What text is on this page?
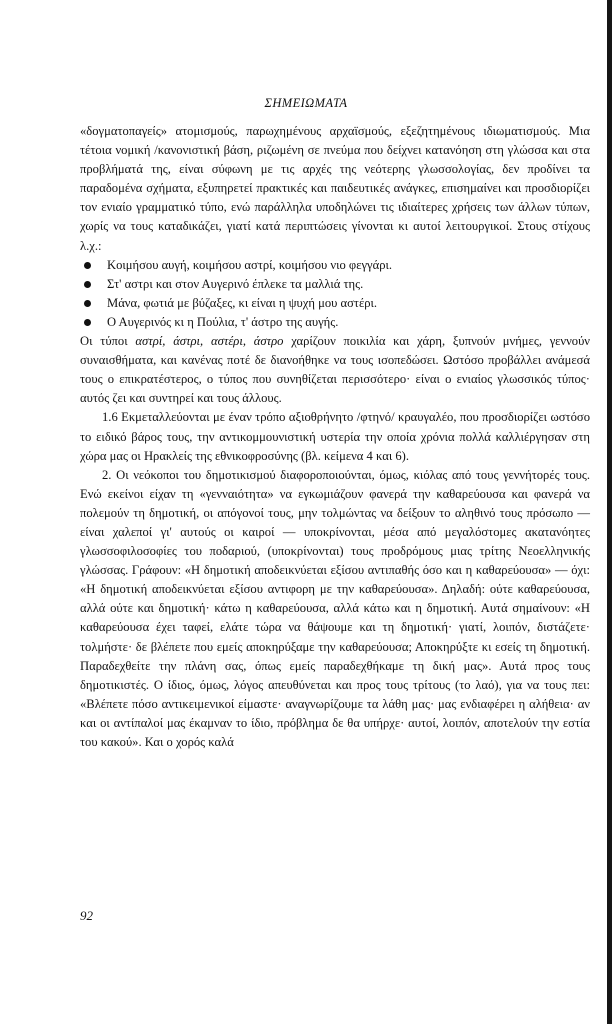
ΣΗΜΕΙΩΜΑΤΑ

«δογματοπαγείς» ατομισμούς, παρωχημένους αρχαϊσμούς, εξεζητημένους ιδιωματισμούς. Μια τέτοια νομική /κανονιστική βάση, ριζωμένη σε πνεύμα που δείχνει κατανόηση στη γλώσσα και στα προβλήματά της, είναι σύφωνη με τις αρχές της νεότερης γλωσσολογίας, δεν προδίνει τα παραδομένα σχήματα, εξυπηρετεί πρακτικές και παιδευτικές ανάγκες, επισημαίνει και προσδιορίζει τον ενιαίο γραμματικό τύπο, ενώ παράλληλα υποδηλώνει τις ιδιαίτερες χρήσεις των άλλων τύπων, χωρίς να τους καταδικάζει, γιατί κατά περιπτώσεις γίνονται κι αυτοί λειτουργικοί. Στους στίχους λ.χ.:

Κοιμήσου αυγή, κοιμήσου αστρί, κοιμήσου νιο φεγγάρι.
Στ' αστρι και στον Αυγερινό έπλεκε τα μαλλιά της.
Μάνα, φωτιά με βύζαξες, κι είναι η ψυχή μου αστέρι.
Ο Αυγερινός κι η Πούλια, τ' άστρο της αυγής.

Οι τύποι αστρί, άστρι, αστέρι, άστρο χαρίζουν ποικιλία και χάρη, ξυπνούν μνήμες, γεννούν συναισθήματα, και κανένας ποτέ δε διανοήθηκε να τους ισοπεδώσει. Ωστόσο προβάλλει ανάμεσά τους ο επικρατέστερος, ο τύπος που συνηθίζεται περισσότερο· είναι ο ενιαίος γλωσσικός τύπος· αυτός ζει και συντηρεί και τους άλλους.

1.6 Εκμεταλλεύονται με έναν τρόπο αξιοθρήνητο /φτηνό/ κραυγαλέο, που προσδιορίζει ωστόσο το ειδικό βάρος τους, την αντικομμουνιστική υστερία την οποία χρόνια πολλά καλλιέργησαν στη χώρα μας οι Ηρακλείς της εθνικοφροσύνης (βλ. κείμενα 4 και 6).

2. Οι νεόκοποι του δημοτικισμού διαφοροποιούνται, όμως, κιόλας από τους γεννήτορές τους. Ενώ εκείνοι είχαν τη «γενναιότητα» να εγκωμιάζουν φανερά την καθαρεύουσα και φανερά να πολεμούν τη δημοτική, οι απόγονοί τους, μην τολμώντας να δείξουν το αληθινό τους πρόσωπο — είναι χαλεποί γι' αυτούς οι καιροί — υποκρίνονται, μέσα από μεγαλόστομες ακατανόητες γλωσσοφιλοσοφίες του ποδαριού, (υποκρίνονται) τους προδρόμους μιας τρίτης Νεοελληνικής γλώσσας. Γράφουν: «Η δημοτική αποδεικνύεται εξίσου αντιπαθής όσο και η καθαρεύουσα» — όχι: «Η δημοτική αποδεικνύεται εξίσου αντιφορη με την καθαρεύουσα». Δηλαδή: ούτε καθαρεύουσα, αλλά ούτε και δημοτική· κάτω η καθαρεύουσα, αλλά κάτω και η δημοτική. Αυτά σημαίνουν: «Η καθαρεύουσα έχει ταφεί, ελάτε τώρα να θάψουμε και τη δημοτική· γιατί, λοιπόν, διστάζετε· τολμήστε· δε βλέπετε που εμείς αποκηρύξαμε την καθαρεύουσα; Αποκηρύξτε κι εσείς τη δημοτική. Παραδεχθείτε την πλάνη σας, όπως εμείς παραδεχθήκαμε τη δική μας». Αυτά προς τους δημοτικιστές. Ο ίδιος, όμως, λόγος απευθύνεται και προς τους τρίτους (το λαό), για να τους πει: «Βλέπετε πόσο αντικειμενικοί είμαστε· αναγνωρίζουμε τα λάθη μας· μας ενδιαφέρει η αλήθεια· αν και οι αντίπαλοί μας έκαμναν το ίδιο, πρόβλημα δε θα υπήρχε· αυτοί, λοιπόν, αποτελούν την εστία του κακού». Και ο χορός καλά

92
